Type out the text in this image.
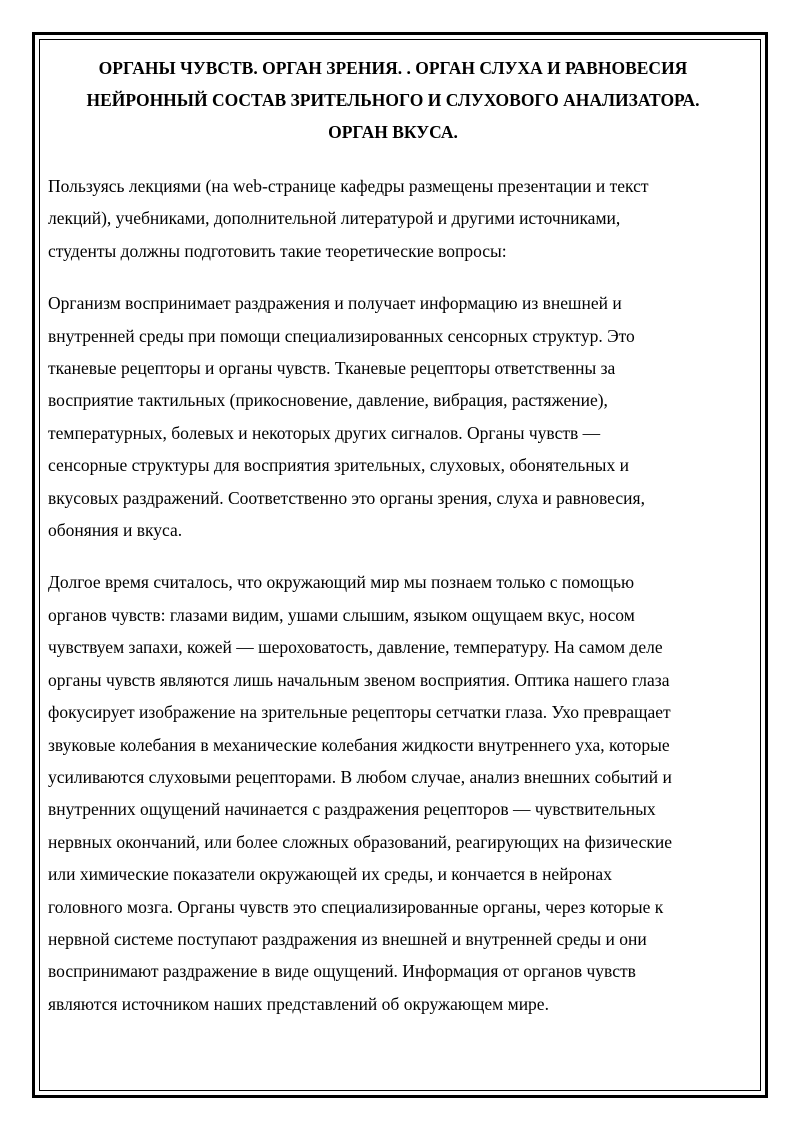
ОРГАНЫ ЧУВСТВ. ОРГАН ЗРЕНИЯ. . ОРГАН СЛУХА И РАВНОВЕСИЯ
НЕЙРОННЫЙ СОСТАВ ЗРИТЕЛЬНОГО И СЛУХОВОГО АНАЛИЗАТОРА.
ОРГАН ВКУСА.

Пользуясь лекциями (на web-странице кафедры размещены презентации и текст
лекций), учебниками, дополнительной литературой и другими источниками,
студенты должны подготовить такие теоретические вопросы:

Организм воспринимает раздражения и получает информацию из внешней и
внутренней среды при помощи специализированных сенсорных структур. Это
тканевые рецепторы и органы чувств. Тканевые рецепторы ответственны за
восприятие тактильных (прикосновение, давление, вибрация, растяжение),
температурных, болевых и некоторых других сигналов. Органы чувств —
сенсорные структуры для восприятия зрительных, слуховых, обонятельных и
вкусовых раздражений. Соответственно это органы зрения, слуха и равновесия,
обоняния и вкуса.

Долгое время считалось, что окружающий мир мы познаем только с помощью
органов чувств: глазами видим, ушами слышим, языком ощущаем вкус, носом
чувствуем запахи, кожей — шероховатость, давление, температуру. На самом деле
органы чувств являются лишь начальным звеном восприятия. Оптика нашего глаза
фокусирует изображение на зрительные рецепторы сетчатки глаза. Ухо превращает
звуковые колебания в механические колебания жидкости внутреннего уха, которые
усиливаются слуховыми рецепторами. В любом случае, анализ внешних событий и
внутренних ощущений начинается с раздражения рецепторов — чувствительных
нервных окончаний, или более сложных образований, реагирующих на физические
или химические показатели окружающей их среды, и кончается в нейронах
головного мозга. Органы чувств это специализированные органы, через которые к
нервной системе поступают раздражения из внешней и внутренней среды и они
воспринимают раздражение в виде ощущений. Информация от органов чувств
являются источником наших представлений об окружающем мире.
